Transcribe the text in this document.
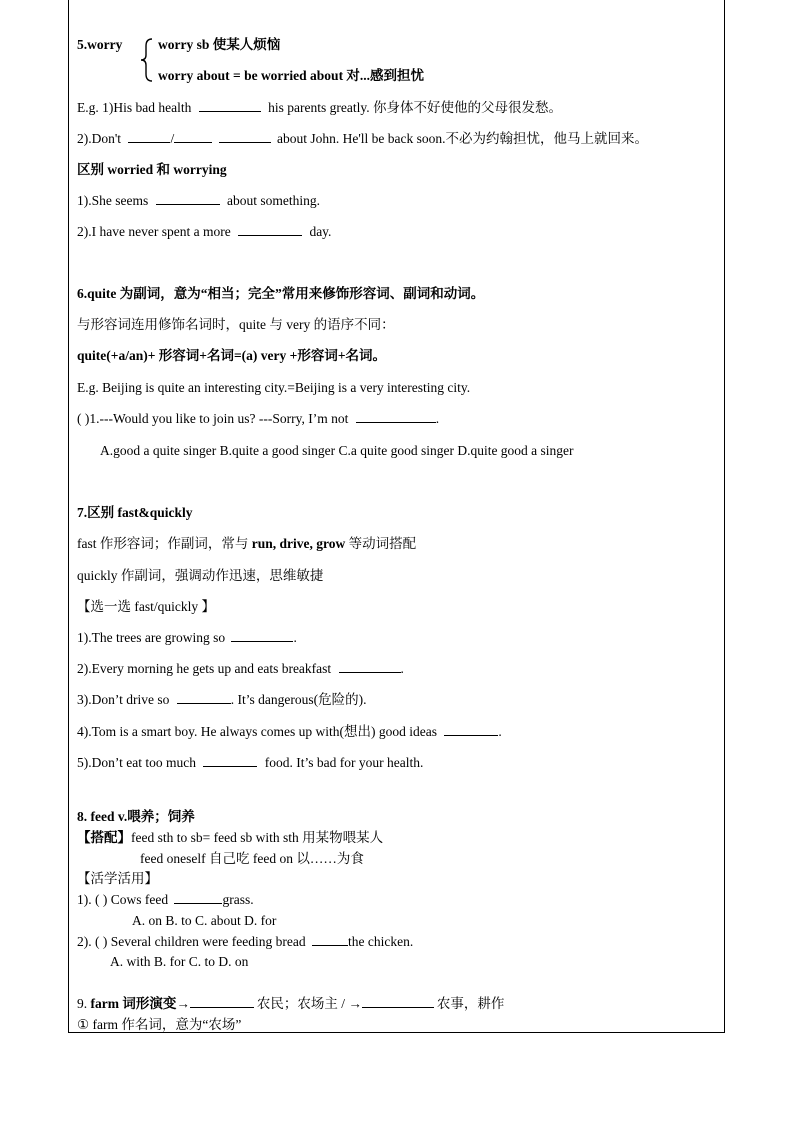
5.worry	worry sb 使某人烦恼
worry about = be worried about 对...感到担忧
E.g. 1)His bad health	his parents greatly. 你身体不好使他的父母很发愁。
2).Don't	/	about John. He'll be back soon.不必为约翰担忧，他马上就回来。
区别 worried 和 worrying
1).She seems	about something.
2).I have never spent a more	day.
6.quite 为副词，意为“相当；完全”常用来修饰形容词、副词和动词。
与形容词连用修饰名词时，quite 与 very 的语序不同：
quite(+a/an)+ 形容词+名词=(a) very +形容词+名词。
E.g. Beijing is quite an interesting city.=Beijing is a very interesting city.
( )1.---Would you like to join us? ---Sorry, I’m not	.
A.good a quite singer B.quite a good singer C.a quite good singer D.quite good a singer
7.区别 fast&quickly
fast 作形容词；作副词，常与 run, drive, grow 等动词搭配
quickly 作副词，强调动作迅速，思维敏捷
【选一选 fast/quickly 】
1).The trees are growing so	.
2).Every morning he gets up and eats breakfast	.
3).Don’t drive so	. It’s dangerous(危险的).
4).Tom is a smart boy. He always comes up with(想出) good ideas	.
5).Don’t eat too much	food. It’s bad for your health.
8. feed v.喂养；饲养
【搭配】feed sth to sb= feed sb with sth 用某物喂某人
feed oneself 自己吃 feed on 以……为食
【活学活用】
1). ( ) Cows feed	grass.
A. on B. to C. about D. for
2). ( ) Several children were feeding bread	the chicken.
A. with B. for C. to D. on
9. farm 词形演变→	农民；农场主 / →	农事，耕作
① farm 作名词，意为“农场”
